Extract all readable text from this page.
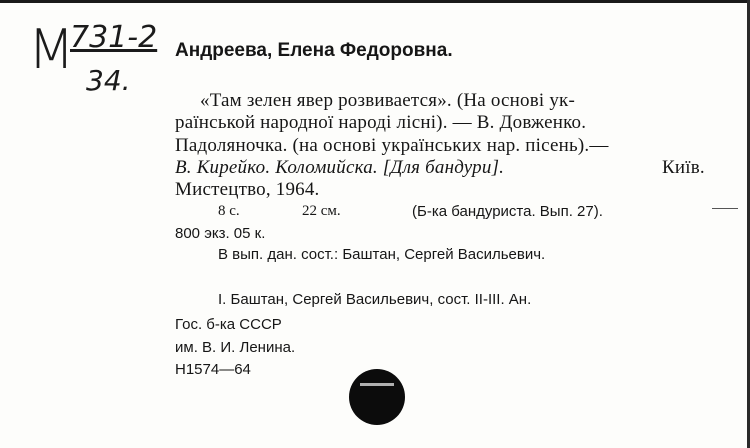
М
731-2
34.
Андреева, Елена Федоровна.
«Там зелен явер розвивается». (На основі ук-
раїнськой народної народі лісні). — В. Довженко.
Падоляночка. (на основі українських нар. пісень).—
В. Кирейко. Коломийска. [Для бандури].	Київ.
Мистецтво, 1964.
8 с.	22 см.	(Б-ка бандуриста. Вып. 27).
800 экз. 05 к.
В вып. дан. сост.: Баштан, Сергей Васильевич.
I. Баштан, Сергей Васильевич, сост. II-III. Ан.
Гос. б-ка СССР
им. В. И. Ленина.
Н1574—64
